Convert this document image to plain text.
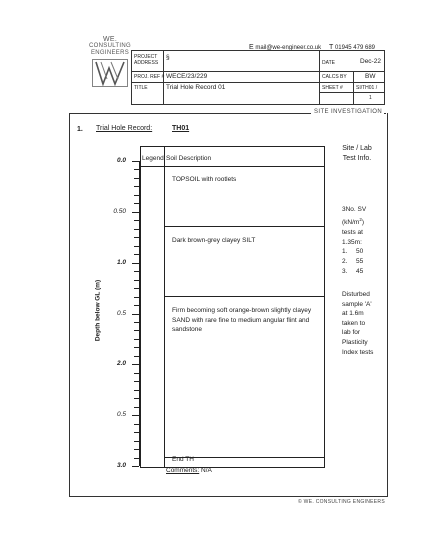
WE.
CONSULTING
ENGINEERS
E mail@we-engineer.co.uk T 01945 479 689
PROJECT ADDRESS
§
DATE	Dec-22
PROJ. REF # WECE/23/229	CALCS BY	BW
TITLE	Trial Hole Record 01	SHEET #	SI/TH01 /
1
SITE INVESTIGATION
1. Trial Hole Record:	TH01
Site / Lab Test Info.
Legend Soil Description
TOPSOIL with rootlets
Dark brown-grey clayey SILT
Firm becoming soft orange-brown slightly clayey SAND with rare fine to medium angular flint and sandstone
End TH
Comments: N/A
0.0
0.50
1.0
0.5
2.0
0.5
3.0
Depth below GL (m)
3No. SV
$(kN/m^2)$
tests at
1.35m:
1. 50
2. 55
3. 45
Disturbed
sample 'A'
at 1.6m
taken to
lab for
Plasticity
Index tests
© WE. CONSULTING ENGINEERS
